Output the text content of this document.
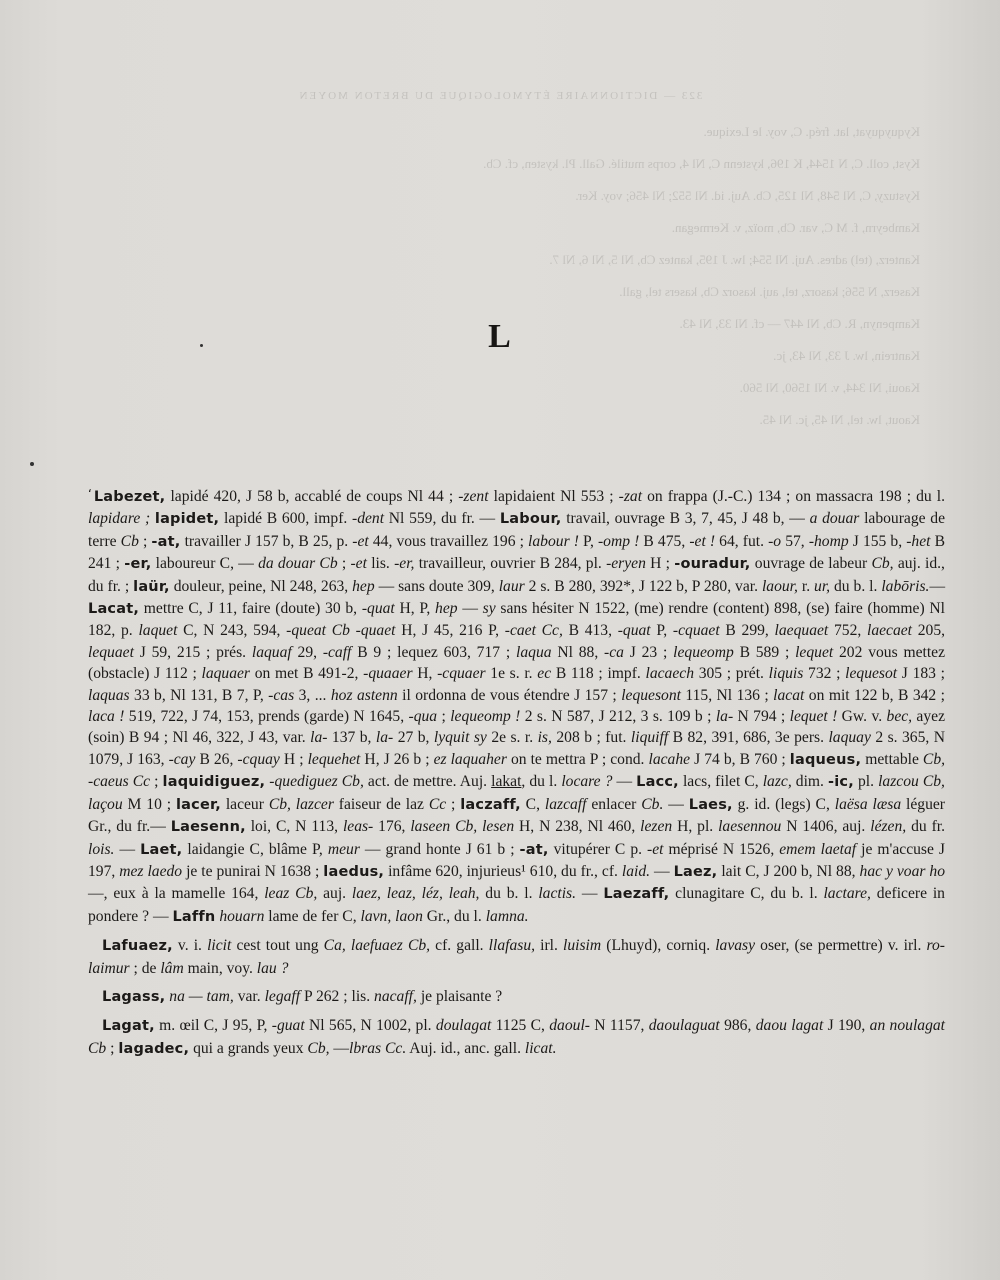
323 — DICTIONNAIRE ÉTYMOLOGIQUE DU BRETON MOYEN

Kyquyquyat, lat. fréq. C, voy. le Lexique.

Kyst, coll. C, N 1544, K 196, kystenn C, Nl 4, corps mutilé. Gall. Pl. kysten, cf. Cb.

Kystuzy, C, Nl 548, Nl 125, Cb. Auj. id. Nl 552; Nl 456; voy. Ker.

Kambeyrn, f. M C, var. Cb, moïz, v. Kermegan.

Kanterz, (tel) adres. Auj. Nl 554; lw. J 195, kantez Cb, Nl 5, Nl 6, Nl 7.

Kaserz, N 556; kasorz, tel, auj. kasorz Cb, kasers tel, gall.

Kampenyn, R. Cb, Nl 447 — cf. Nl 33, Nl 43.

Kantrein, lw. J 33, Nl 43, jc.

Kaoui, Nl 344, v. Nl 1560, Nl 560.

Kaout, lw. tel, Nl 45, jc. Nl 45.

L

ʻ Labezet, lapidé 420, J 58 b, accablé de coups Nl 44 ; -zent lapidaient Nl 553 ; -zat on frappa (J.-C.) 134 ; on massacra 198 ; du l. lapidare ; lapidet, lapidé B 600, impf. -dent Nl 559, du fr. — Labour, travail, ouvrage B 3, 7, 45, J 48 b, — a douar labourage de terre Cb ; -at, travailler J 157 b, B 25, p. -et 44, vous travaillez 196 ; labour ! P, -omp ! B 475, -et ! 64, fut. -o 57, -homp J 155 b, -het B 241 ; -er, laboureur C, — da douar Cb ; -et lis. -er, travailleur, ouvrier B 284, pl. -eryen H ; -ouradur, ouvrage de labeur Cb, auj. id., du fr. ; laür, douleur, peine, Nl 248, 263, hep — sans doute 309, laur 2 s. B 280, 392*, J 122 b, P 280, var. laour, r. ur, du b. l. labōris.— Lacat, mettre C, J 11, faire (doute) 30 b, -quat H, P, hep — sy sans hésiter N 1522, (me) rendre (content) 898, (se) faire (homme) Nl 182, p. laquet C, N 243, 594, -queat Cb -quaet H, J 45, 216 P, -caet Cc, B 413, -quat P, -cquaet B 299, laequaet 752, laecaet 205, lequaet J 59, 215 ; prés. laquaf 29, -caff B 9 ; lequez 603, 717 ; laqua Nl 88, -ca J 23 ; lequeomp B 589 ; lequet 202 vous mettez (obstacle) J 112 ; laquaer on met B 491-2, -quaaer H, -cquaer 1e s. r. ec B 118 ; impf. lacaech 305 ; prét. liquis 732 ; lequesot J 183 ; laquas 33 b, Nl 131, B 7, P, -cas 3, ... hoz astenn il ordonna de vous étendre J 157 ; lequesont 115, Nl 136 ; lacat on mit 122 b, B 342 ; laca ! 519, 722, J 74, 153, prends (garde) N 1645, -qua ; lequeomp ! 2 s. N 587, J 212, 3 s. 109 b ; la- N 794 ; lequet ! Gw. v. bec, ayez (soin) B 94 ; Nl 46, 322, J 43, var. la- 137 b, la- 27 b, lyquit sy 2e s. r. is, 208 b ; fut. liquiff B 82, 391, 686, 3e pers. laquay 2 s. 365, N 1079, J 163, -cay B 26, -cquay H ; lequehet H, J 26 b ; ez laquaher on te mettra P ; cond. lacahe J 74 b, B 760 ; laqueus, mettable Cb, -caeus Cc ; laquidiguez, -quediguez Cb, act. de mettre. Auj. lakat, du l. locare ? — Lacc, lacs, filet C, lazc, dim. -ic, pl. lazcou Cb, laçou M 10 ; lacer, laceur Cb, lazcer faiseur de laz Cc ; laczaff, C, lazcaff enlacer Cb. — Laes, g. id. (legs) C, laësa læsa léguer Gr., du fr.— Laesenn, loi, C, N 113, leas- 176, laseen Cb, lesen H, N 238, Nl 460, lezen H, pl. laesennou N 1406, auj. lézen, du fr. lois. — Laet, laidangie C, blâme P, meur — grand honte J 61 b ; -at, vitupérer C p. -et méprisé N 1526, emem laetaf je m'accuse J 197, mez laedo je te punirai N 1638 ; laedus, infâme 620, injurieus¹ 610, du fr., cf. laid. — Laez, lait C, J 200 b, Nl 88, hac y voar ho —, eux à la mamelle 164, leaz Cb, auj. laez, leaz, léz, leah, du b. l. lactis. — Laezaff, clunagitare C, du b. l. lactare, deficere in pondere ? — Laffn houarn lame de fer C, lavn, laon Gr., du l. lamna.

Lafuaez, v. i. licit cest tout ung Ca, laefuaez Cb, cf. gall. llafasu, irl. luisim (Lhuyd), corniq. lavasy oser, (se permettre) v. irl. ro-laimur ; de lâm main, voy. lau ?

Lagass, na — tam, var. legaff P 262 ; lis. nacaff, je plaisante ?

Lagat, m. œil C, J 95, P, -guat Nl 565, N 1002, pl. doulagat 1125 C, daoul- N 1157, daoulaguat 986, daou lagat J 190, an noulagat Cb ; lagadec, qui a grands yeux Cb, —lbras Cc. Auj. id., anc. gall. licat.
